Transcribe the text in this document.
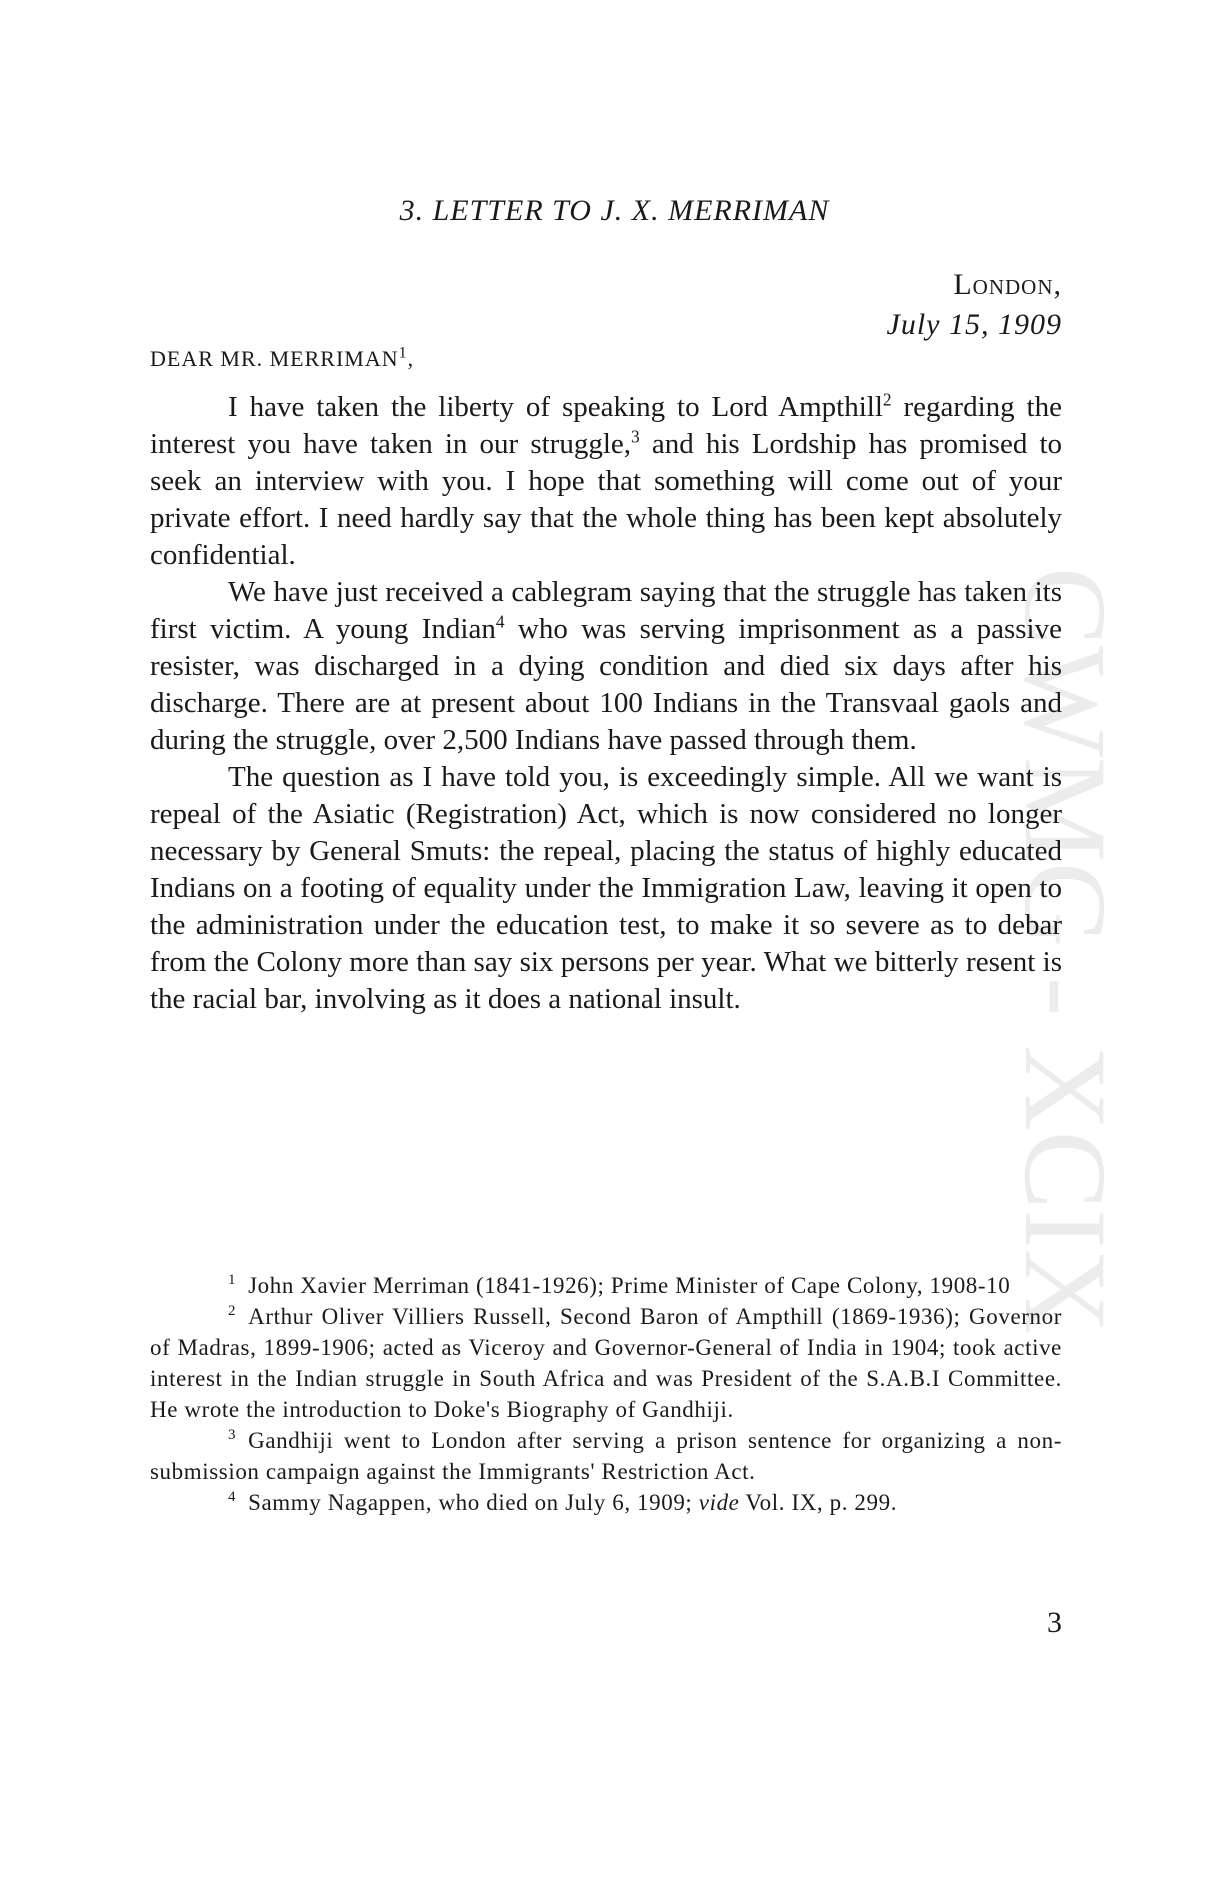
CWMG - XCIX
3. LETTER TO J. X. MERRIMAN
London,
July 15, 1909
DEAR MR. MERRIMAN$^1$,

I have taken the liberty of speaking to Lord Ampthill$^2$ regarding the interest you have taken in our struggle,$^3$ and his Lordship has promised to seek an interview with you. I hope that something will come out of your private effort. I need hardly say that the whole thing has been kept absolutely confidential.

We have just received a cablegram saying that the struggle has taken its first victim. A young Indian$^4$ who was serving imprisonment as a passive resister, was discharged in a dying condition and died six days after his discharge. There are at present about 100 Indians in the Transvaal gaols and during the struggle, over 2,500 Indians have passed through them.

The question as I have told you, is exceedingly simple. All we want is repeal of the Asiatic (Registration) Act, which is now considered no longer necessary by General Smuts: the repeal, placing the status of highly educated Indians on a footing of equality under the Immigration Law, leaving it open to the administration under the education test, to make it so severe as to debar from the Colony more than say six persons per year. What we bitterly resent is the racial bar, involving as it does a national insult.

$^1$ John Xavier Merriman (1841-1926); Prime Minister of Cape Colony, 1908-10

$^2$ Arthur Oliver Villiers Russell, Second Baron of Ampthill (1869-1936); Governor of Madras, 1899-1906; acted as Viceroy and Governor-General of India in 1904; took active interest in the Indian struggle in South Africa and was President of the S.A.B.I Committee. He wrote the introduction to Doke's Biography of Gandhiji.

$^3$ Gandhiji went to London after serving a prison sentence for organizing a non-submission campaign against the Immigrants' Restriction Act.

$^4$ Sammy Nagappen, who died on July 6, 1909; vide Vol. IX, p. 299.

3
